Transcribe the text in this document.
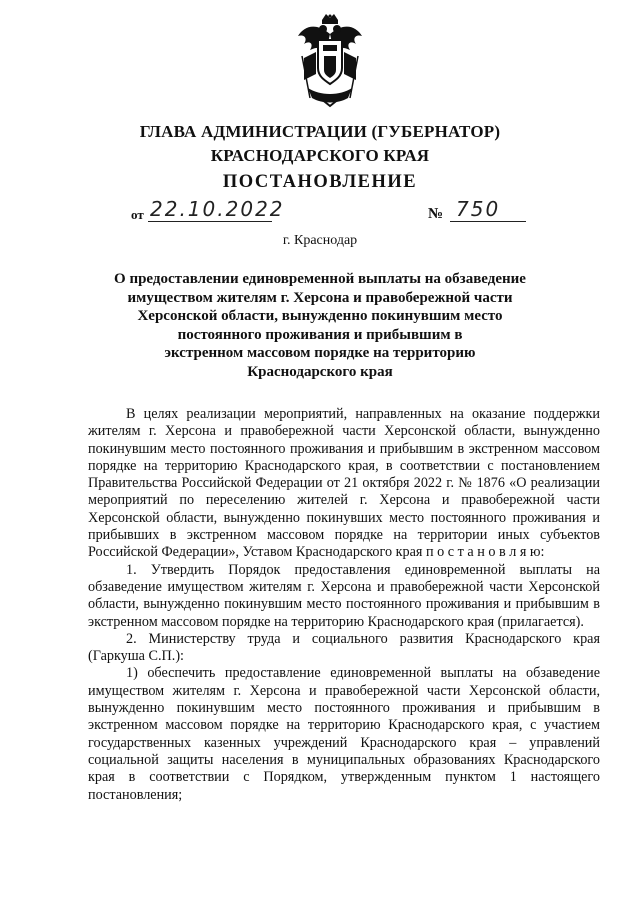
ГЛАВА АДМИНИСТРАЦИИ (ГУБЕРНАТОР)
КРАСНОДАРСКОГО КРАЯ
ПОСТАНОВЛЕНИЕ
от 22.10.2022	№ 750
г. Краснодар
О предоставлении единовременной выплаты на обзаведение
имуществом жителям г. Херсона и правобережной части
Херсонской области, вынужденно покинувшим место
постоянного проживания и прибывшим в
экстренном массовом порядке на территорию
Краснодарского края

В целях реализации мероприятий, направленных на оказание поддержки жителям г. Херсона и правобережной части Херсонской области, вынужденно покинувшим место постоянного проживания и прибывшим в экстренном массовом порядке на территорию Краснодарского края, в соответствии с постановлением Правительства Российской Федерации от 21 октября 2022 г. № 1876 «О реализации мероприятий по переселению жителей г. Херсона и правобережной части Херсонской области, вынужденно покинувших место постоянного проживания и прибывших в экстренном массовом порядке на территории иных субъектов Российской Федерации», Уставом Краснодарского края п о с т а н о в л я ю:

1. Утвердить Порядок предоставления единовременной выплаты на обзаведение имуществом жителям г. Херсона и правобережной части Херсонской области, вынужденно покинувшим место постоянного проживания и прибывшим в экстренном массовом порядке на территорию Краснодарского края (прилагается).

2. Министерству труда и социального развития Краснодарского края (Гаркуша С.П.):

1) обеспечить предоставление единовременной выплаты на обзаведение имуществом жителям г. Херсона и правобережной части Херсонской области, вынужденно покинувшим место постоянного проживания и прибывшим в экстренном массовом порядке на территорию Краснодарского края, с участием государственных казенных учреждений Краснодарского края – управлений социальной защиты населения в муниципальных образованиях Краснодарского края в соответствии с Порядком, утвержденным пунктом 1 настоящего постановления;
